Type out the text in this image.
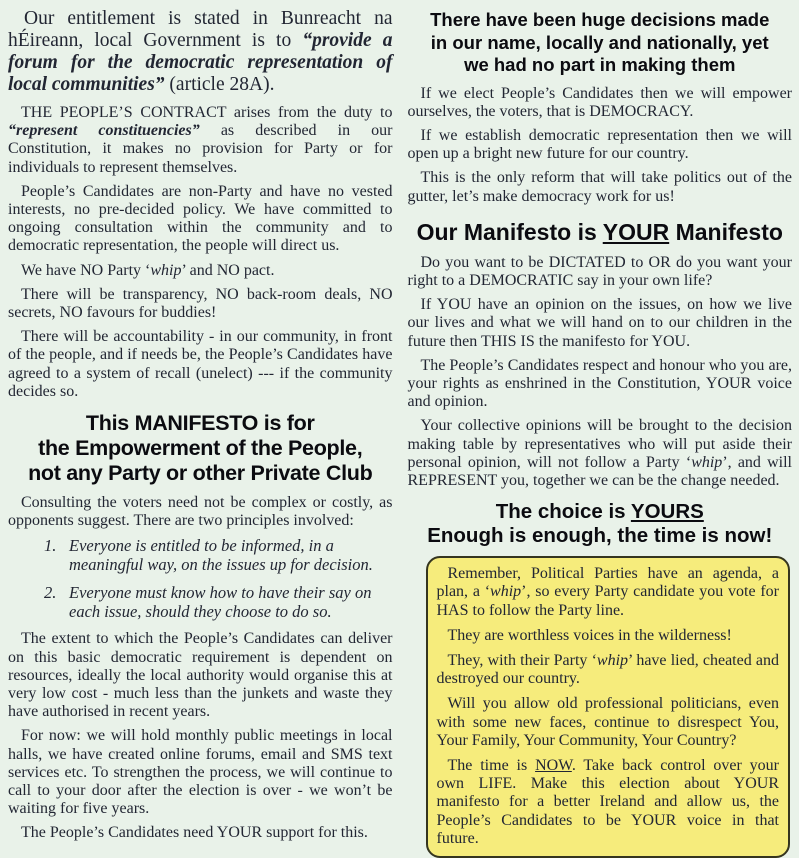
Our entitlement is stated in Bunreacht na hÉireann, local Government is to “provide a forum for the democratic representation of local communities” (article 28A).

THE PEOPLE’S CONTRACT arises from the duty to “represent constituencies” as described in our Constitution, it makes no provision for Party or for individuals to represent themselves.

People’s Candidates are non-Party and have no vested interests, no pre-decided policy. We have committed to ongoing consultation within the community and to democratic representation, the people will direct us.

We have NO Party ‘whip’ and NO pact.

There will be transparency, NO back-room deals, NO secrets, NO favours for buddies!

There will be accountability - in our community, in front of the people, and if needs be, the People’s Candidates have agreed to a system of recall (unelect) --- if the community decides so.

This MANIFESTO is for
the Empowerment of the People,
not any Party or other Private Club

Consulting the voters need not be complex or costly, as opponents suggest. There are two principles involved:

1. Everyone is entitled to be informed, in a meaningful way, on the issues up for decision.
2. Everyone must know how to have their say on each issue, should they choose to do so.

The extent to which the People’s Candidates can deliver on this basic democratic requirement is dependent on resources, ideally the local authority would organise this at very low cost - much less than the junkets and waste they have authorised in recent years.

For now: we will hold monthly public meetings in local halls, we have created online forums, email and SMS text services etc. To strengthen the process, we will continue to call to your door after the election is over - we won’t be waiting for five years.

The People’s Candidates need YOUR support for this.

There have been huge decisions made
in our name, locally and nationally, yet
we had no part in making them

If we elect People’s Candidates then we will empower ourselves, the voters, that is DEMOCRACY.

If we establish democratic representation then we will open up a bright new future for our country.

This is the only reform that will take politics out of the gutter, let’s make democracy work for us!

Our Manifesto is YOUR Manifesto

Do you want to be DICTATED to OR do you want your right to a DEMOCRATIC say in your own life?

If YOU have an opinion on the issues, on how we live our lives and what we will hand on to our children in the future then THIS IS the manifesto for YOU.

The People’s Candidates respect and honour who you are, your rights as enshrined in the Constitution, YOUR voice and opinion.

Your collective opinions will be brought to the decision making table by representatives who will put aside their personal opinion, will not follow a Party ‘whip’, and will REPRESENT you, together we can be the change needed.

The choice is YOURS
Enough is enough, the time is now!

Remember, Political Parties have an agenda, a plan, a ‘whip’, so every Party candidate you vote for HAS to follow the Party line.

They are worthless voices in the wilderness!

They, with their Party ‘whip’ have lied, cheated and destroyed our country.

Will you allow old professional politicians, even with some new faces, continue to disrespect You, Your Family, Your Community, Your Country?

The time is NOW. Take back control over your own LIFE. Make this election about YOUR manifesto for a better Ireland and allow us, the People’s Candidates to be YOUR voice in that future.
